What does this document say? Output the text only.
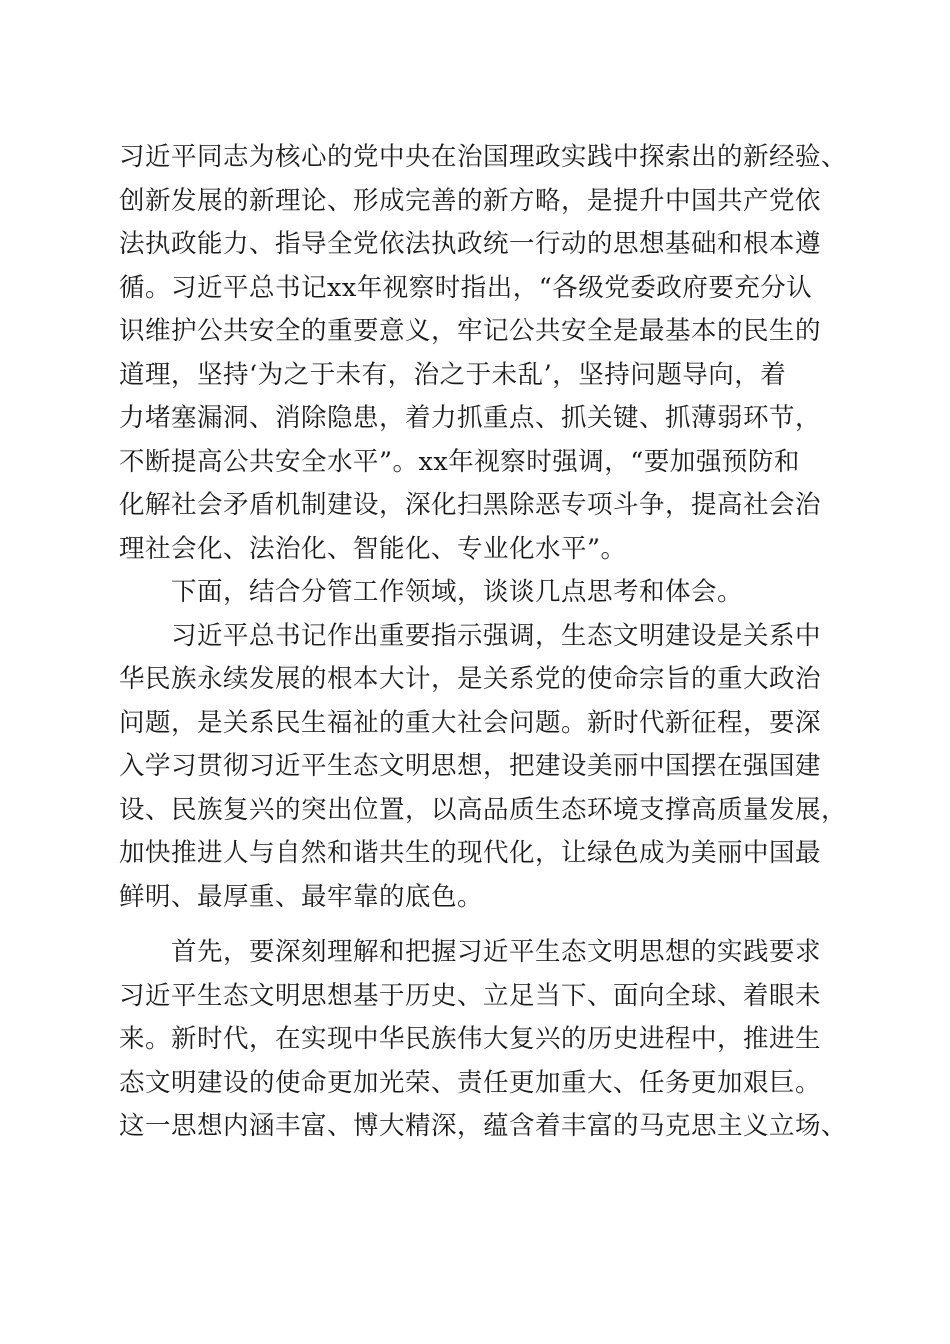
习近平同志为核心的党中央在治国理政实践中探索出的新经验、
创新发展的新理论、形成完善的新方略，是提升中国共产党依
法执政能力、指导全党依法执政统一行动的思想基础和根本遵
循。习近平总书记xx年视察时指出，“各级党委政府要充分认
识维护公共安全的重要意义，牢记公共安全是最基本的民生的
道理，坚持‘为之于未有，治之于未乱’，坚持问题导向，着
力堵塞漏洞、消除隐患，着力抓重点、抓关键、抓薄弱环节，
不断提高公共安全水平”。xx年视察时强调，“要加强预防和
化解社会矛盾机制建设，深化扫黑除恶专项斗争，提高社会治
理社会化、法治化、智能化、专业化水平”。
　　下面，结合分管工作领域，谈谈几点思考和体会。
　　习近平总书记作出重要指示强调，生态文明建设是关系中
华民族永续发展的根本大计，是关系党的使命宗旨的重大政治
问题，是关系民生福祉的重大社会问题。新时代新征程，要深
入学习贯彻习近平生态文明思想，把建设美丽中国摆在强国建
设、民族复兴的突出位置，以高品质生态环境支撑高质量发展，
加快推进人与自然和谐共生的现代化，让绿色成为美丽中国最
鲜明、最厚重、最牢靠的底色。
　　首先，要深刻理解和把握习近平生态文明思想的实践要求
习近平生态文明思想基于历史、立足当下、面向全球、着眼未
来。新时代，在实现中华民族伟大复兴的历史进程中，推进生
态文明建设的使命更加光荣、责任更加重大、任务更加艰巨。
这一思想内涵丰富、博大精深，蕴含着丰富的马克思主义立场、
